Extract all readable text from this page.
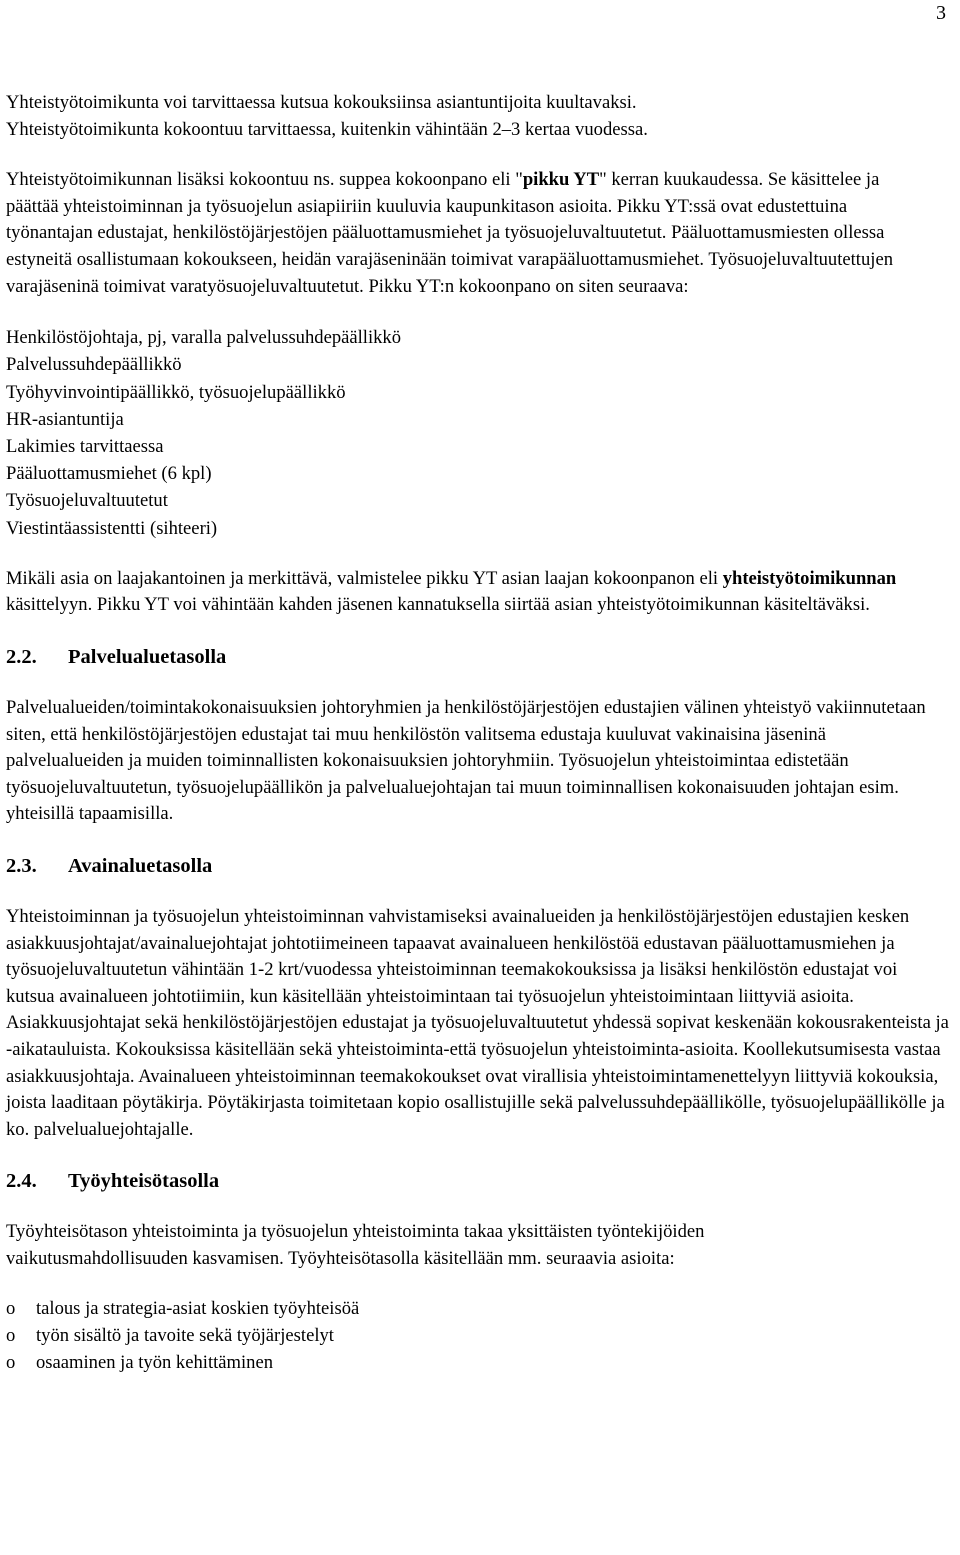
3

Yhteistyötoimikunta voi tarvittaessa kutsua kokouksiinsa asiantuntijoita kuultavaksi.
Yhteistyötoimikunta kokoontuu tarvittaessa, kuitenkin vähintään 2–3 kertaa vuodessa.

Yhteistyötoimikunnan lisäksi kokoontuu ns. suppea kokoonpano eli "pikku YT" kerran kuukaudessa. Se käsittelee ja päättää yhteistoiminnan ja työsuojelun asiapiiriin kuuluvia kaupunkitason asioita. Pikku YT:ssä ovat edustettuina työnantajan edustajat, henkilöstöjärjestöjen pääluottamusmiehet ja työsuojeluvaltuutetut. Pääluottamusmiesten ollessa estyneitä osallistumaan kokoukseen, heidän varajäseninään toimivat varapääluottamusmiehet. Työsuojeluvaltuutettujen varajäseninä toimivat varatyösuojeluvaltuutetut. Pikku YT:n kokoonpano on siten seuraava:

Henkilöstöjohtaja, pj, varalla palvelussuhdepäällikkö

Palvelussuhdepäällikkö

Työhyvinvointipäällikkö, työsuojelupäällikkö

HR-asiantuntija

Lakimies tarvittaessa

Pääluottamusmiehet (6 kpl)

Työsuojeluvaltuutetut

Viestintäassistentti (sihteeri)

Mikäli asia on laajakantoinen ja merkittävä, valmistelee pikku YT asian laajan kokoonpanon eli yhteistyötoimikunnan käsittelyyn. Pikku YT voi vähintään kahden jäsenen kannatuksella siirtää asian yhteistyötoimikunnan käsiteltäväksi.

2.2. Palvelualuetasolla

Palvelualueiden/toimintakokonaisuuksien johtoryhmien ja henkilöstöjärjestöjen edustajien välinen yhteistyö vakiinnutetaan siten, että henkilöstöjärjestöjen edustajat tai muu henkilöstön valitsema edustaja kuuluvat vakinaisina jäseninä palvelualueiden ja muiden toiminnallisten kokonaisuuksien johtoryhmiin. Työsuojelun yhteistoimintaa edistetään työsuojeluvaltuutetun, työsuojelupäällikön ja palvelualuejohtajan tai muun toiminnallisen kokonaisuuden johtajan esim. yhteisillä tapaamisilla.

2.3. Avainaluetasolla

Yhteistoiminnan ja työsuojelun yhteistoiminnan vahvistamiseksi avainalueiden ja henkilöstöjärjestöjen edustajien kesken asiakkuusjohtajat/avainaluejohtajat johtotiimeineen tapaavat avainalueen henkilöstöä edustavan pääluottamusmiehen ja työsuojeluvaltuutetun vähintään 1-2 krt/vuodessa yhteistoiminnan teemakokouksissa ja lisäksi henkilöstön edustajat voi kutsua avainalueen johtotiimiin, kun käsitellään yhteistoimintaan tai työsuojelun yhteistoimintaan liittyviä asioita. Asiakkuusjohtajat sekä henkilöstöjärjestöjen edustajat ja työsuojeluvaltuutetut yhdessä sopivat keskenään kokousrakenteista ja -aikatauluista. Kokouksissa käsitellään sekä yhteistoiminta-että työsuojelun yhteistoiminta-asioita. Koollekutsumisesta vastaa asiakkuusjohtaja. Avainalueen yhteistoiminnan teemakokoukset ovat virallisia yhteistoimintamenettelyyn liittyviä kokouksia, joista laaditaan pöytäkirja. Pöytäkirjasta toimitetaan kopio osallistujille sekä palvelussuhdepäällikölle, työsuojelupäällikölle ja ko. palvelualuejohtajalle.

2.4. Työyhteisötasolla

Työyhteisötason yhteistoiminta ja työsuojelun yhteistoiminta takaa yksittäisten työntekijöiden vaikutusmahdollisuuden kasvamisen. Työyhteisötasolla käsitellään mm. seuraavia asioita:

o	talous ja strategia-asiat koskien työyhteisöä
o	työn sisältö ja tavoite sekä työjärjestelyt
o	osaaminen ja työn kehittäminen
